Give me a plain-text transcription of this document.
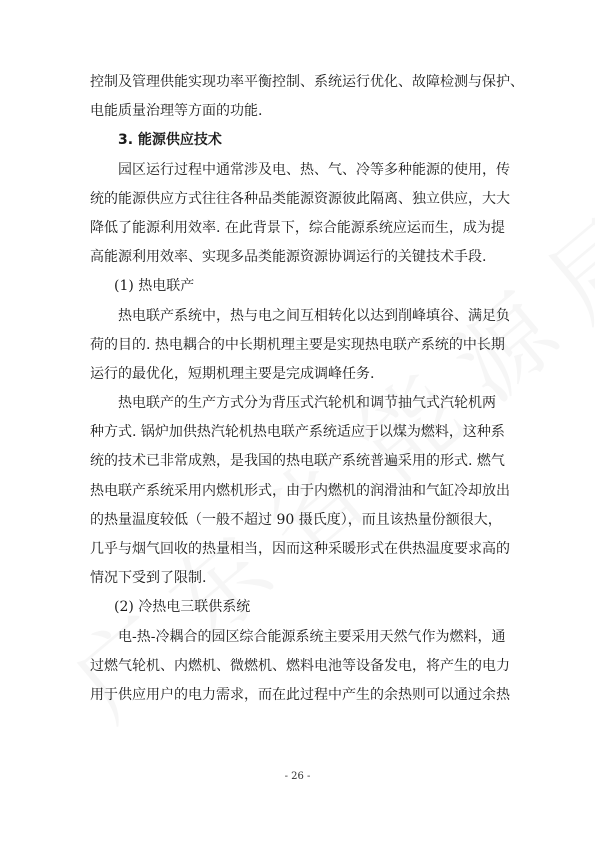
控制及管理供能实现功率平衡控制、系统运行优化、故障检测与保护、
电能质量治理等方面的功能.
3. 能源供应技术
园区运行过程中通常涉及电、热、气、冷等多种能源的使用，传
统的能源供应方式往往各种品类能源资源彼此隔离、独立供应，大大
降低了能源利用效率. 在此背景下，综合能源系统应运而生，成为提
高能源利用效率、实现多品类能源资源协调运行的关键技术手段.
(1) 热电联产
热电联产系统中，热与电之间互相转化以达到削峰填谷、满足负
荷的目的. 热电耦合的中长期机理主要是实现热电联产系统的中长期
运行的最优化，短期机理主要是完成调峰任务.
热电联产的生产方式分为背压式汽轮机和调节抽气式汽轮机两
种方式. 锅炉加供热汽轮机热电联产系统适应于以煤为燃料，这种系
统的技术已非常成熟，是我国的热电联产系统普遍采用的形式. 燃气
热电联产系统采用内燃机形式，由于内燃机的润滑油和气缸冷却放出
的热量温度较低（一般不超过 90 摄氏度），而且该热量份额很大，
几乎与烟气回收的热量相当，因而这种采暖形式在供热温度要求高的
情况下受到了限制.
(2) 冷热电三联供系统
电-热-冷耦合的园区综合能源系统主要采用天然气作为燃料，通
过燃气轮机、内燃机、微燃机、燃料电池等设备发电，将产生的电力
用于供应用户的电力需求，而在此过程中产生的余热则可以通过余热
- 26 -
